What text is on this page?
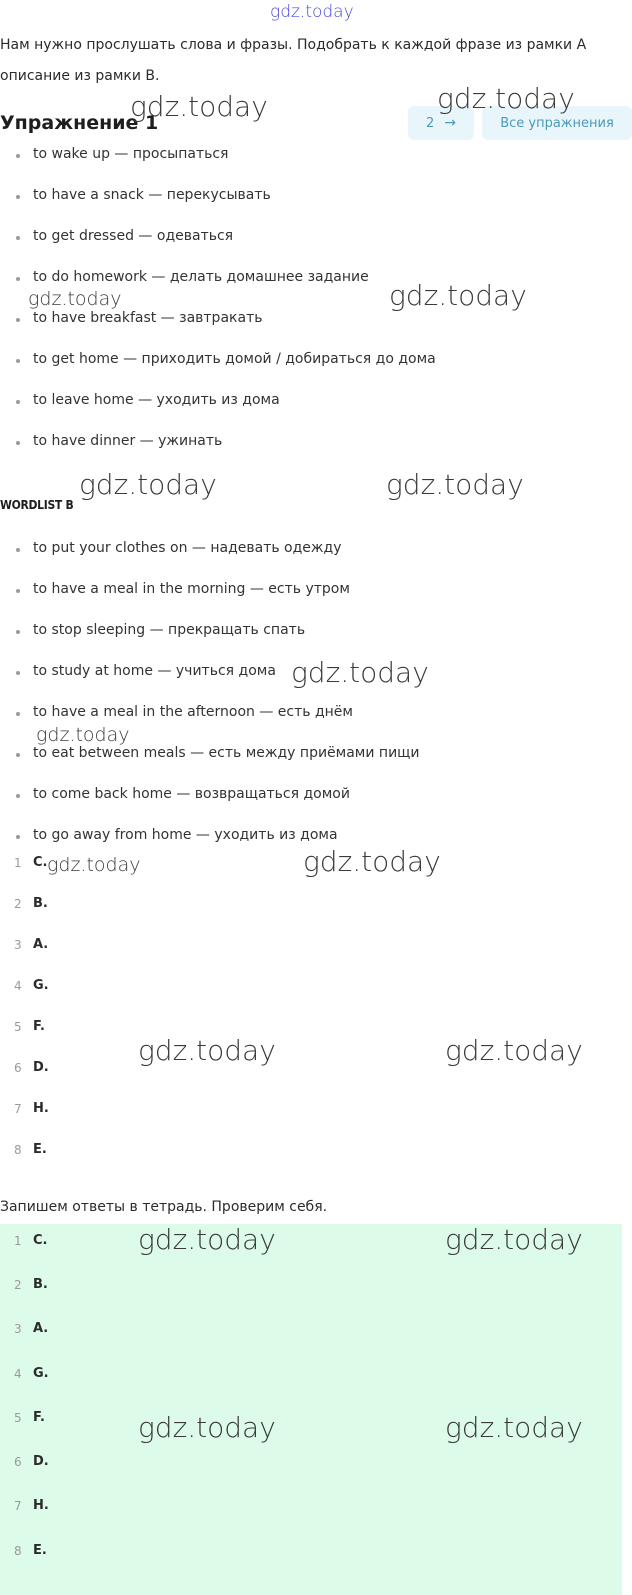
gdz.today
Нам нужно прослушать слова и фразы. Подобрать к каждой фразе из рамки А описание из рамки В.
Упражнение 1	2 →	Все упражнения
to wake up — просыпаться
to have a snack — перекусывать
to get dressed — одеваться
to do homework — делать домашнее задание
to have breakfast — завтракать
to get home — приходить домой / добираться до дома
to leave home — уходить из дома
to have dinner — ужинать
WORDLIST B
to put your clothes on — надевать одежду
to have a meal in the morning — есть утром
to stop sleeping — прекращать спать
to study at home — учиться дома
to have a meal in the afternoon — есть днём
to eat between meals — есть между приёмами пищи
to come back home — возвращаться домой
to go away from home — уходить из дома
1 C.
2 B.
3 A.
4 G.
5 F.
6 D.
7 H.
8 E.
Запишем ответы в тетрадь. Проверим себя.
1 C.
2 B.
3 A.
4 G.
5 F.
6 D.
7 H.
8 E.
gdz.today	gdz.today
gdz.today	gdz.today
gdz.today	gdz.today
gdz.today
gdz.today
gdz.today	gdz.today
gdz.today	gdz.today
gdz.today	gdz.today
gdz.today	gdz.today
